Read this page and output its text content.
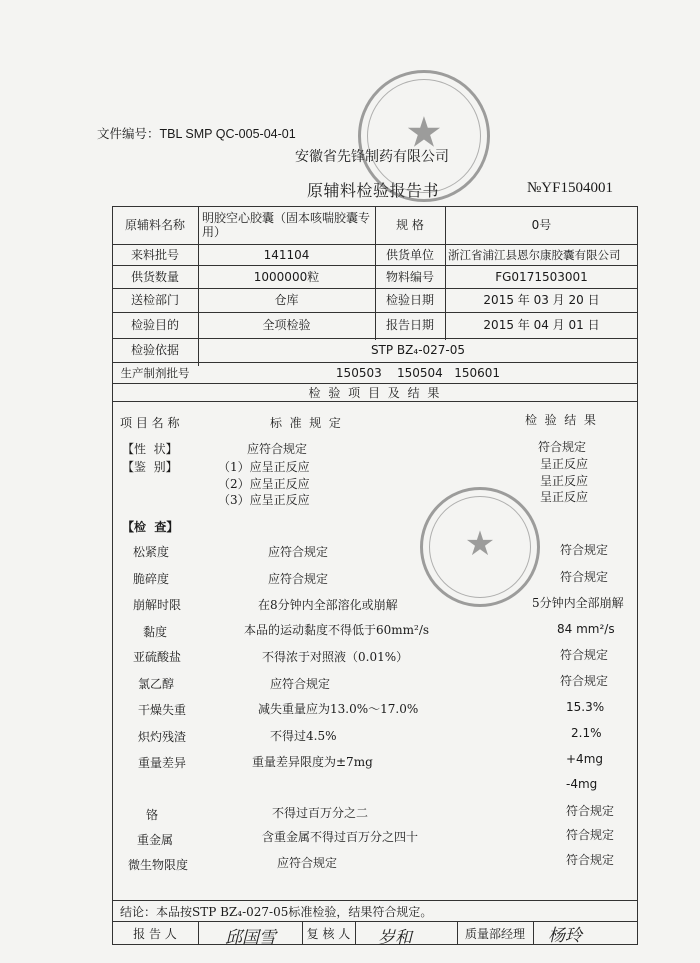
文件编号：TBL SMP QC-005-04-01
安徽省先锋制药有限公司
原辅料检验报告书	№YF1504001
★
原辅料名称	明胶空心胶囊（固本咳喘胶囊专用）	规 格	0号
来料批号	141104	供货单位	浙江省浦江县恩尔康胶囊有限公司
供货数量	1000000粒	物料编号	FG0171503001
送检部门	仓库	检验日期	2015 年 03 月 20 日
检验目的	全项检验	报告日期	2015 年 04 月 01 日
检验依据	STP BZ₄-027-05
生产制剂批号	150503    150504   150601
检 验 项 目 及 结 果
项 目 名 称	标  准  规  定	检  验  结  果
【性  状】	应符合规定	符合规定
【鉴  别】	（1）应呈正反应	呈正反应
（2）应呈正反应	呈正反应
（3）应呈正反应	呈正反应
【检  查】
松紧度	应符合规定	符合规定
脆碎度	应符合规定	符合规定
崩解时限	在8分钟内全部溶化或崩解	5分钟内全部崩解
黏度	本品的运动黏度不得低于60mm²/s	84 mm²/s
亚硫酸盐	不得浓于对照液（0.01%）	符合规定
氯乙醇	应符合规定	符合规定
干燥失重	减失重量应为13.0%～17.0%	15.3%
炽灼残渣	不得过4.5%	2.1%
重量差异	重量差异限度为±7mg	+4mg
-4mg
铬	不得过百万分之二	符合规定
重金属	含重金属不得过百万分之四十	符合规定
微生物限度	应符合规定	符合规定
★
结论：本品按STP BZ₄-027-05标准检验，结果符合规定。
报 告 人	邱国雪	复 核 人 岁和	质量部经理	杨玲
